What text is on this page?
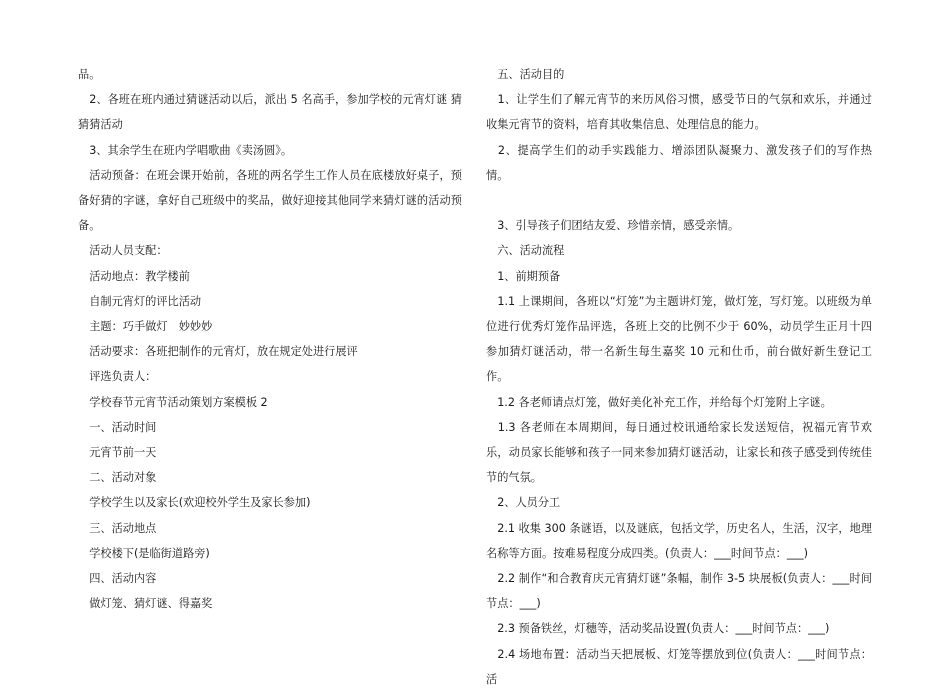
品。

　2、各班在班内通过猜谜活动以后，派出 5 名高手，参加学校的元宵灯谜 猜猜猜活动

　3、其余学生在班内学唱歌曲《卖汤圆》。

　活动预备：在班会课开始前，各班的两名学生工作人员在底楼放好桌子，预备好猜的字谜，拿好自己班级中的奖品，做好迎接其他同学来猜灯谜的活动预备。

　活动人员支配：

　活动地点：教学楼前

　自制元宵灯的评比活动

　主题：巧手做灯　妙妙妙

　活动要求：各班把制作的元宵灯，放在规定处进行展评

　评选负责人：

　学校春节元宵节活动策划方案模板 2

　一、活动时间

　元宵节前一天

　二、活动对象

　学校学生以及家长(欢迎校外学生及家长参加)

　三、活动地点

　学校楼下(是临街道路旁)

　四、活动内容

　做灯笼、猜灯谜、得嘉奖

　五、活动目的

　1、让学生们了解元宵节的来历风俗习惯，感受节日的气氛和欢乐，并通过收集元宵节的资料，培育其收集信息、处理信息的能力。

　2、提高学生们的动手实践能力、增添团队凝聚力、激发孩子们的写作热情。

　3、引导孩子们团结友爱、珍惜亲情，感受亲情。

　六、活动流程

　1、前期预备

　1.1 上课期间，各班以“灯笼”为主题讲灯笼，做灯笼，写灯笼。以班级为单位进行优秀灯笼作品评选，各班上交的比例不少于 60%，动员学生正月十四参加猜灯谜活动，带一名新生每生嘉奖 10 元和仕币，前台做好新生登记工作。

　1.2 各老师请点灯笼，做好美化补充工作，并给每个灯笼附上字谜。

　1.3 各老师在本周期间，每日通过校讯通给家长发送短信，祝福元宵节欢乐，动员家长能够和孩子一同来参加猜灯谜活动，让家长和孩子感受到传统佳节的气氛。

　2、人员分工

　2.1 收集 300 条谜语，以及谜底，包括文学，历史名人，生活，汉字，地理名称等方面。按难易程度分成四类。(负责人：___时间节点：___)

　2.2 制作“和合教育庆元宵猜灯谜”条幅，制作 3-5 块展板(负责人：___时间节点：___)

　2.3 预备铁丝，灯穗等，活动奖品设置(负责人：___时间节点：___)

　2.4 场地布置：活动当天把展板、灯笼等摆放到位(负责人：___时间节点：活
